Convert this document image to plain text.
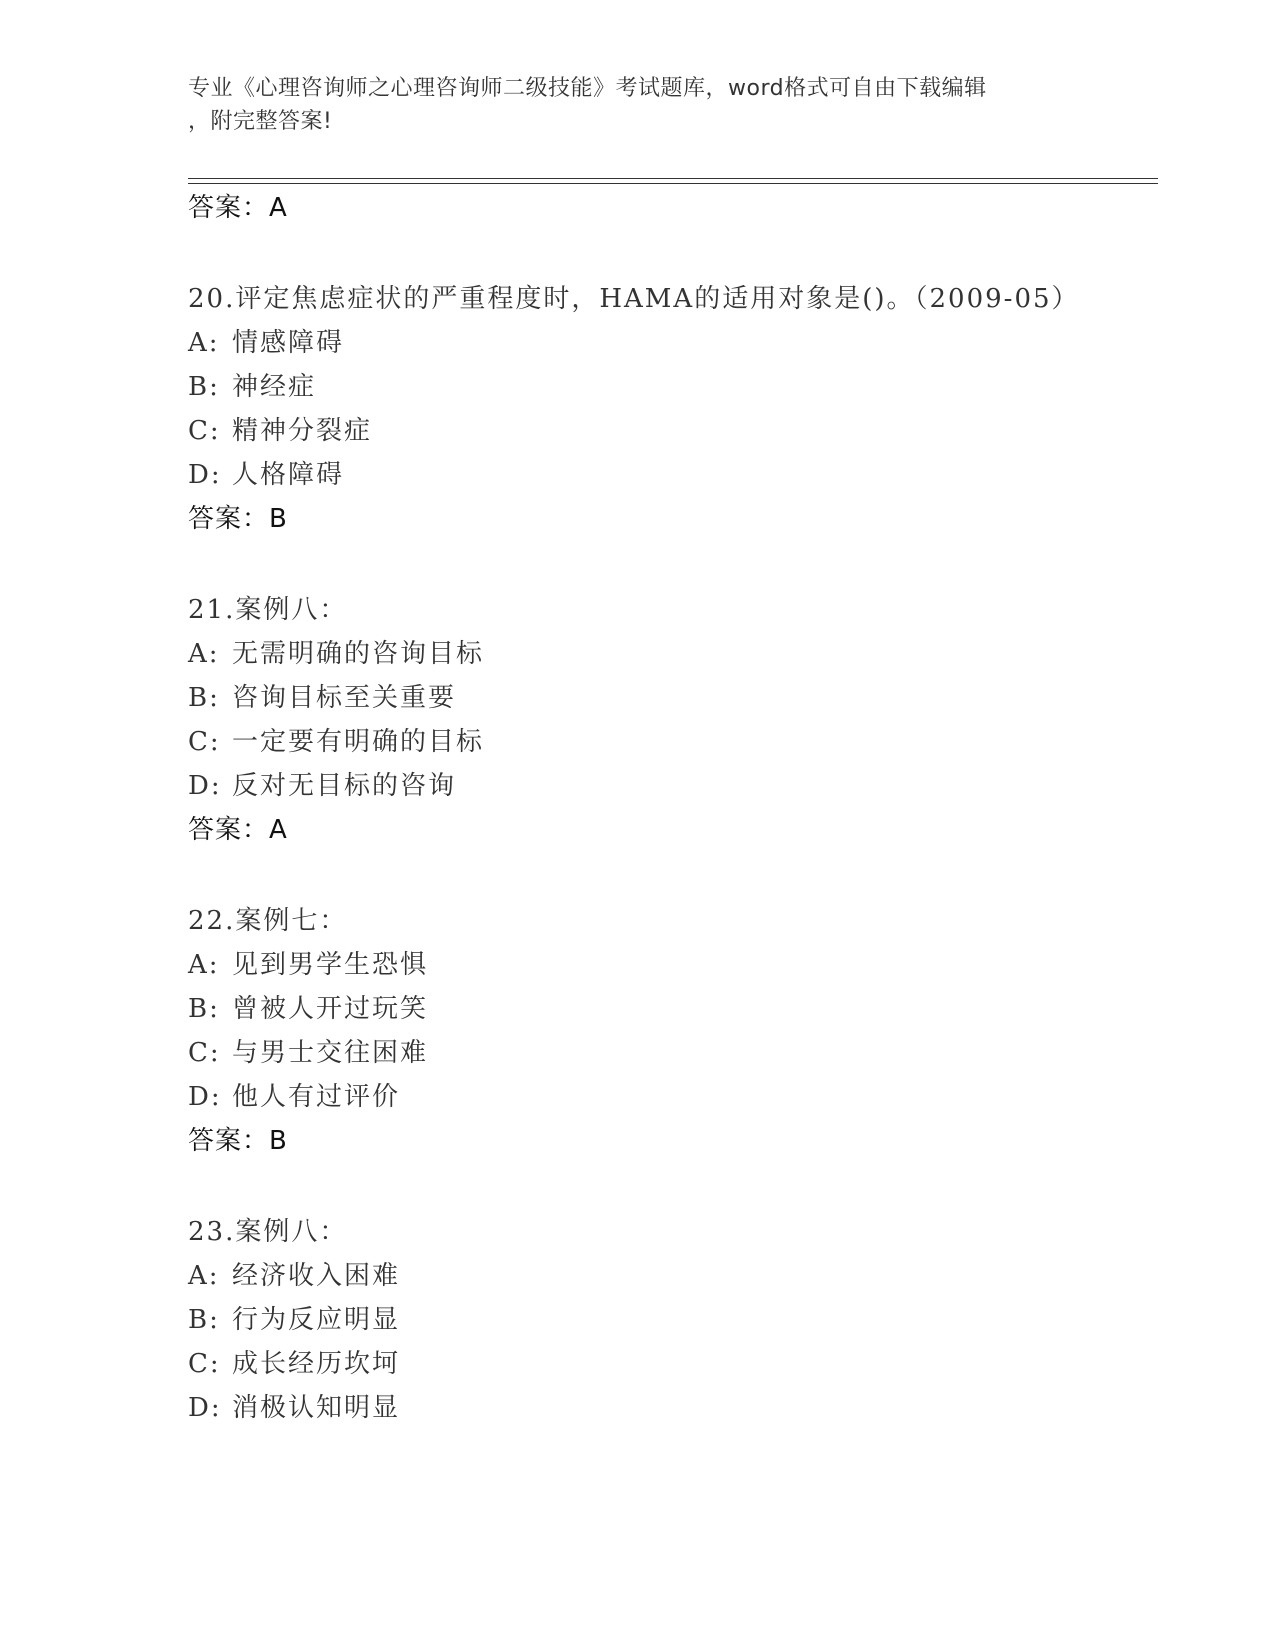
专业《心理咨询师之心理咨询师二级技能》考试题库，word格式可自由下载编辑
，附完整答案!
答案：A
20.评定焦虑症状的严重程度时，HAMA的适用对象是()。（2009-05）
A: 情感障碍
B: 神经症
C: 精神分裂症
D: 人格障碍
答案：B
21.案例八：
A: 无需明确的咨询目标
B: 咨询目标至关重要
C: 一定要有明确的目标
D: 反对无目标的咨询
答案：A
22.案例七：
A: 见到男学生恐惧
B: 曾被人开过玩笑
C: 与男士交往困难
D: 他人有过评价
答案：B
23.案例八：
A: 经济收入困难
B: 行为反应明显
C: 成长经历坎坷
D: 消极认知明显
